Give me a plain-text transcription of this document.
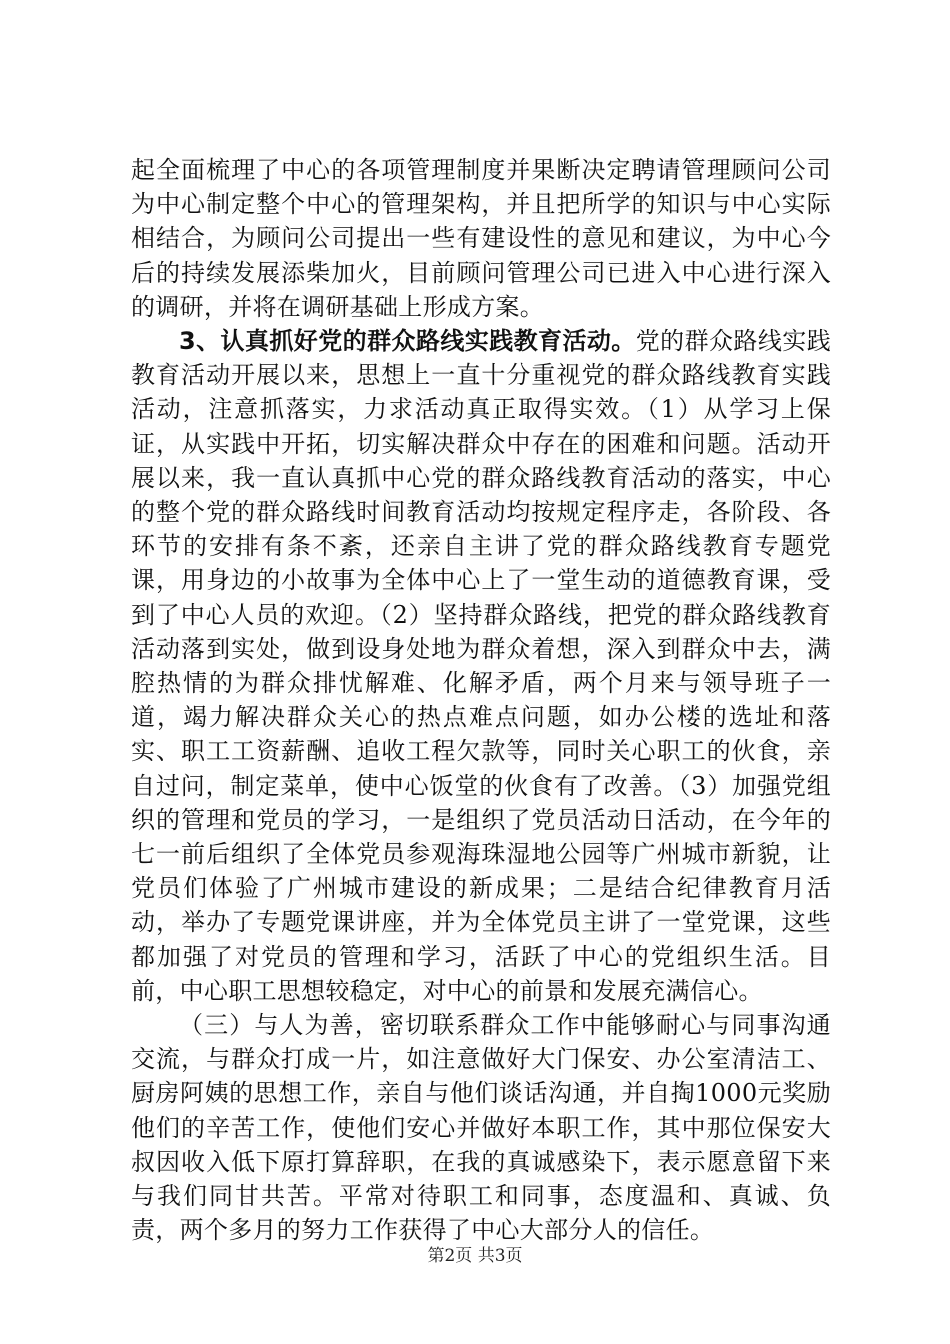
起全面梳理了中心的各项管理制度并果断决定聘请管理顾问公司为中心制定整个中心的管理架构，并且把所学的知识与中心实际相结合，为顾问公司提出一些有建设性的意见和建议，为中心今后的持续发展添柴加火，目前顾问管理公司已进入中心进行深入的调研，并将在调研基础上形成方案。

3、认真抓好党的群众路线实践教育活动。党的群众路线实践教育活动开展以来，思想上一直十分重视党的群众路线教育实践活动，注意抓落实，力求活动真正取得实效。（1）从学习上保证，从实践中开拓，切实解决群众中存在的困难和问题。活动开展以来，我一直认真抓中心党的群众路线教育活动的落实，中心的整个党的群众路线时间教育活动均按规定程序走，各阶段、各环节的安排有条不紊，还亲自主讲了党的群众路线教育专题党课，用身边的小故事为全体中心上了一堂生动的道德教育课，受到了中心人员的欢迎。（2）坚持群众路线，把党的群众路线教育活动落到实处，做到设身处地为群众着想，深入到群众中去，满腔热情的为群众排忧解难、化解矛盾，两个月来与领导班子一道，竭力解决群众关心的热点难点问题，如办公楼的选址和落实、职工工资薪酬、追收工程欠款等，同时关心职工的伙食，亲自过问，制定菜单，使中心饭堂的伙食有了改善。（3）加强党组织的管理和党员的学习，一是组织了党员活动日活动，在今年的七一前后组织了全体党员参观海珠湿地公园等广州城市新貌，让党员们体验了广州城市建设的新成果；二是结合纪律教育月活动，举办了专题党课讲座，并为全体党员主讲了一堂党课，这些都加强了对党员的管理和学习，活跃了中心的党组织生活。目前，中心职工思想较稳定，对中心的前景和发展充满信心。

（三）与人为善，密切联系群众工作中能够耐心与同事沟通交流，与群众打成一片，如注意做好大门保安、办公室清洁工、厨房阿姨的思想工作，亲自与他们谈话沟通，并自掏1000元奖励他们的辛苦工作，使他们安心并做好本职工作，其中那位保安大叔因收入低下原打算辞职，在我的真诚感染下，表示愿意留下来与我们同甘共苦。平常对待职工和同事，态度温和、真诚、负责，两个多月的努力工作获得了中心大部分人的信任。

第2页 共3页
